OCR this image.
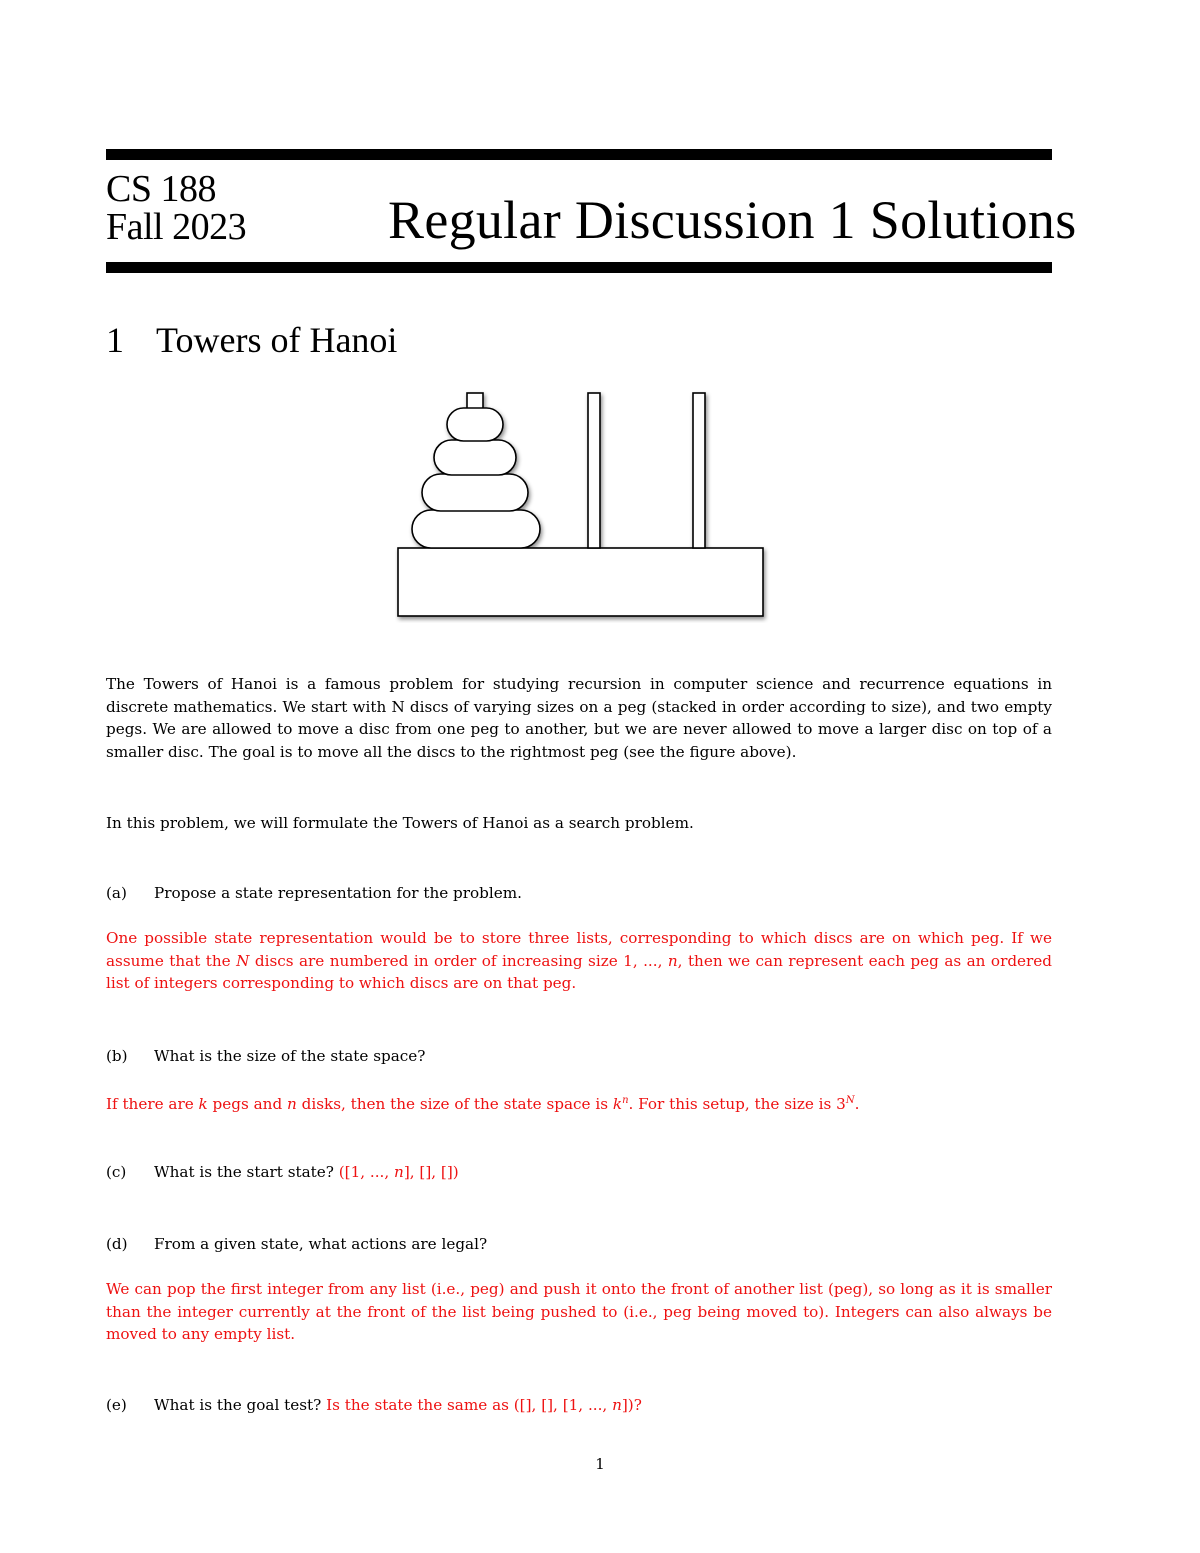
CS 188
Fall 2023	Regular Discussion 1 Solutions
1 Towers of Hanoi
The Towers of Hanoi is a famous problem for studying recursion in computer science and recurrence equations in discrete mathematics. We start with N discs of varying sizes on a peg (stacked in order according to size), and two empty pegs. We are allowed to move a disc from one peg to another, but we are never allowed to move a larger disc on top of a smaller disc. The goal is to move all the discs to the rightmost peg (see the figure above).
In this problem, we will formulate the Towers of Hanoi as a search problem.
(a) Propose a state representation for the problem.
One possible state representation would be to store three lists, corresponding to which discs are on which peg. If we assume that the N discs are numbered in order of increasing size 1, ..., n, then we can represent each peg as an ordered list of integers corresponding to which discs are on that peg.
(b) What is the size of the state space?
If there are k pegs and n disks, then the size of the state space is $k^n$. For this setup, the size is $3^N$.
(c) What is the start state? ([1, ..., n], [], [])
(d) From a given state, what actions are legal?
We can pop the first integer from any list (i.e., peg) and push it onto the front of another list (peg), so long as it is smaller than the integer currently at the front of the list being pushed to (i.e., peg being moved to). Integers can also always be moved to any empty list.
(e) What is the goal test? Is the state the same as ([], [], [1, ..., n])?
1
